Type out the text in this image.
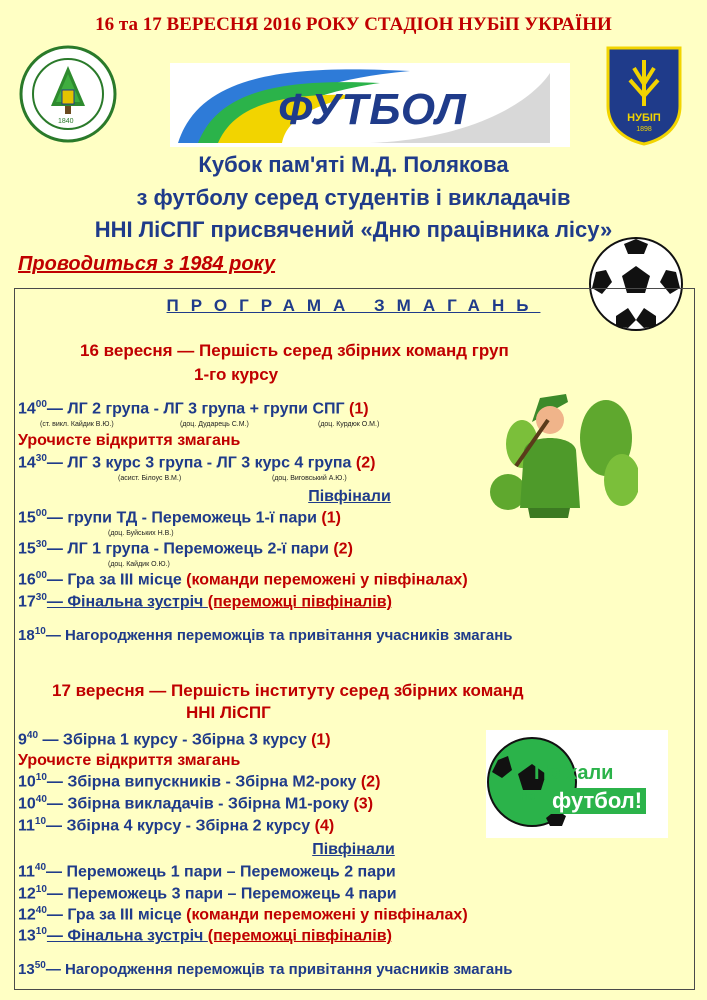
16 та 17 ВЕРЕСНЯ 2016 РОКУ СТАДІОН НУБіП УКРАЇНИ
1840	ФУТБОЛ	НУБІП
1898
Кубок пам'яті М.Д. Полякова
з футболу серед студентів і викладачів
ННІ ЛіСПГ присвячений «Дню працівника лісу»
Проводиться з 1984 року
ПРОГРАМА ЗМАГАНЬ
16 вересня — Першість серед збірних команд груп
1-го курсу
$14^{00}—$ ЛГ 2 група - ЛГ 3 група + групи СПГ (1)
(ст. викл. Кайдик В.Ю.)	(доц. Дударець С.М.)	(доц. Курдюк О.М.)
Урочисте відкриття змагань
$14^{30}—$ ЛГ 3 курс 3 група - ЛГ 3 курс 4 група (2)
(асист. Білоус В.М.)	(доц. Виговський А.Ю.)
Півфінали
$15^{00}—$ групи ТД - Переможець 1-ї пари (1)
(доц. Буйських Н.В.)
$15^{30}—$ ЛГ 1 група - Переможець 2-ї пари (2)
(доц. Кайдик О.Ю.)
$16^{00}—$ Гра за ІІІ місце (команди переможені у півфіналах)
$17^{30}—$ Фінальна зустріч (переможці півфіналів)
$18^{10}—$ Нагородження переможців та привітання учасників змагань
17 вересня — Першість інституту серед збірних команд
ННІ ЛіСПГ
Поїхали
на футбол!
$9^{40}$ — Збірна 1 курсу - Збірна 3 курсу (1)
Урочисте відкриття змагань
$10^{10}—$ Збірна випускників - Збірна М2-року (2)
$10^{40}—$ Збірна викладачів - Збірна М1-року (3)
$11^{10}—$ Збірна 4 курсу - Збірна 2 курсу (4)
Півфінали
$11^{40}—$ Переможець 1 пари – Переможець 2 пари
$12^{10}—$ Переможець 3 пари – Переможець 4 пари
$12^{40}—$ Гра за ІІІ місце (команди переможені у півфіналах)
$13^{10}—$ Фінальна зустріч (переможці півфіналів)
$13^{50}—$ Нагородження переможців та привітання учасників змагань
